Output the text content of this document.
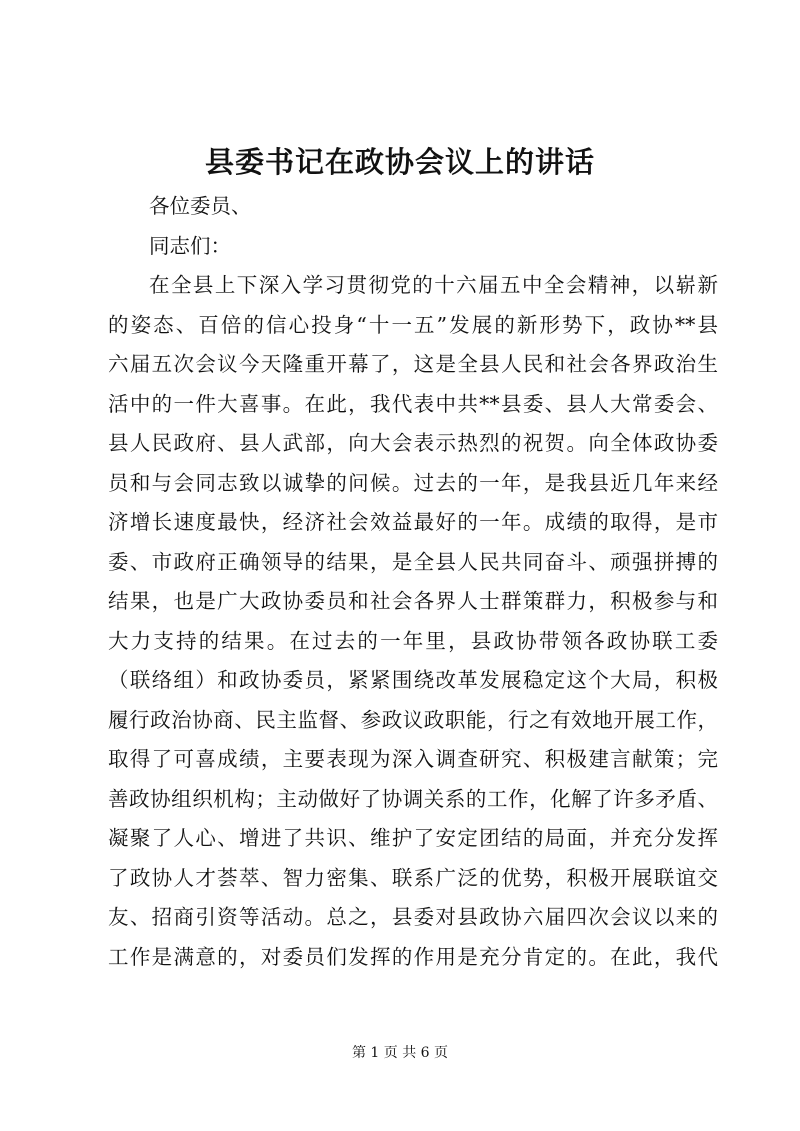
县委书记在政协会议上的讲话
各位委员、
同志们：
在全县上下深入学习贯彻党的十六届五中全会精神，以崭新
的姿态、百倍的信心投身“十一五”发展的新形势下，政协**县
六届五次会议今天隆重开幕了，这是全县人民和社会各界政治生
活中的一件大喜事。在此，我代表中共**县委、县人大常委会、
县人民政府、县人武部，向大会表示热烈的祝贺。向全体政协委
员和与会同志致以诚挚的问候。过去的一年，是我县近几年来经
济增长速度最快，经济社会效益最好的一年。成绩的取得，是市
委、市政府正确领导的结果，是全县人民共同奋斗、顽强拼搏的
结果，也是广大政协委员和社会各界人士群策群力，积极参与和
大力支持的结果。在过去的一年里，县政协带领各政协联工委
（联络组）和政协委员，紧紧围绕改革发展稳定这个大局，积极
履行政治协商、民主监督、参政议政职能，行之有效地开展工作，
取得了可喜成绩，主要表现为深入调查研究、积极建言献策；完
善政协组织机构；主动做好了协调关系的工作，化解了许多矛盾、
凝聚了人心、增进了共识、维护了安定团结的局面，并充分发挥
了政协人才荟萃、智力密集、联系广泛的优势，积极开展联谊交
友、招商引资等活动。总之，县委对县政协六届四次会议以来的
工作是满意的，对委员们发挥的作用是充分肯定的。在此，我代
第 1 页 共 6 页
